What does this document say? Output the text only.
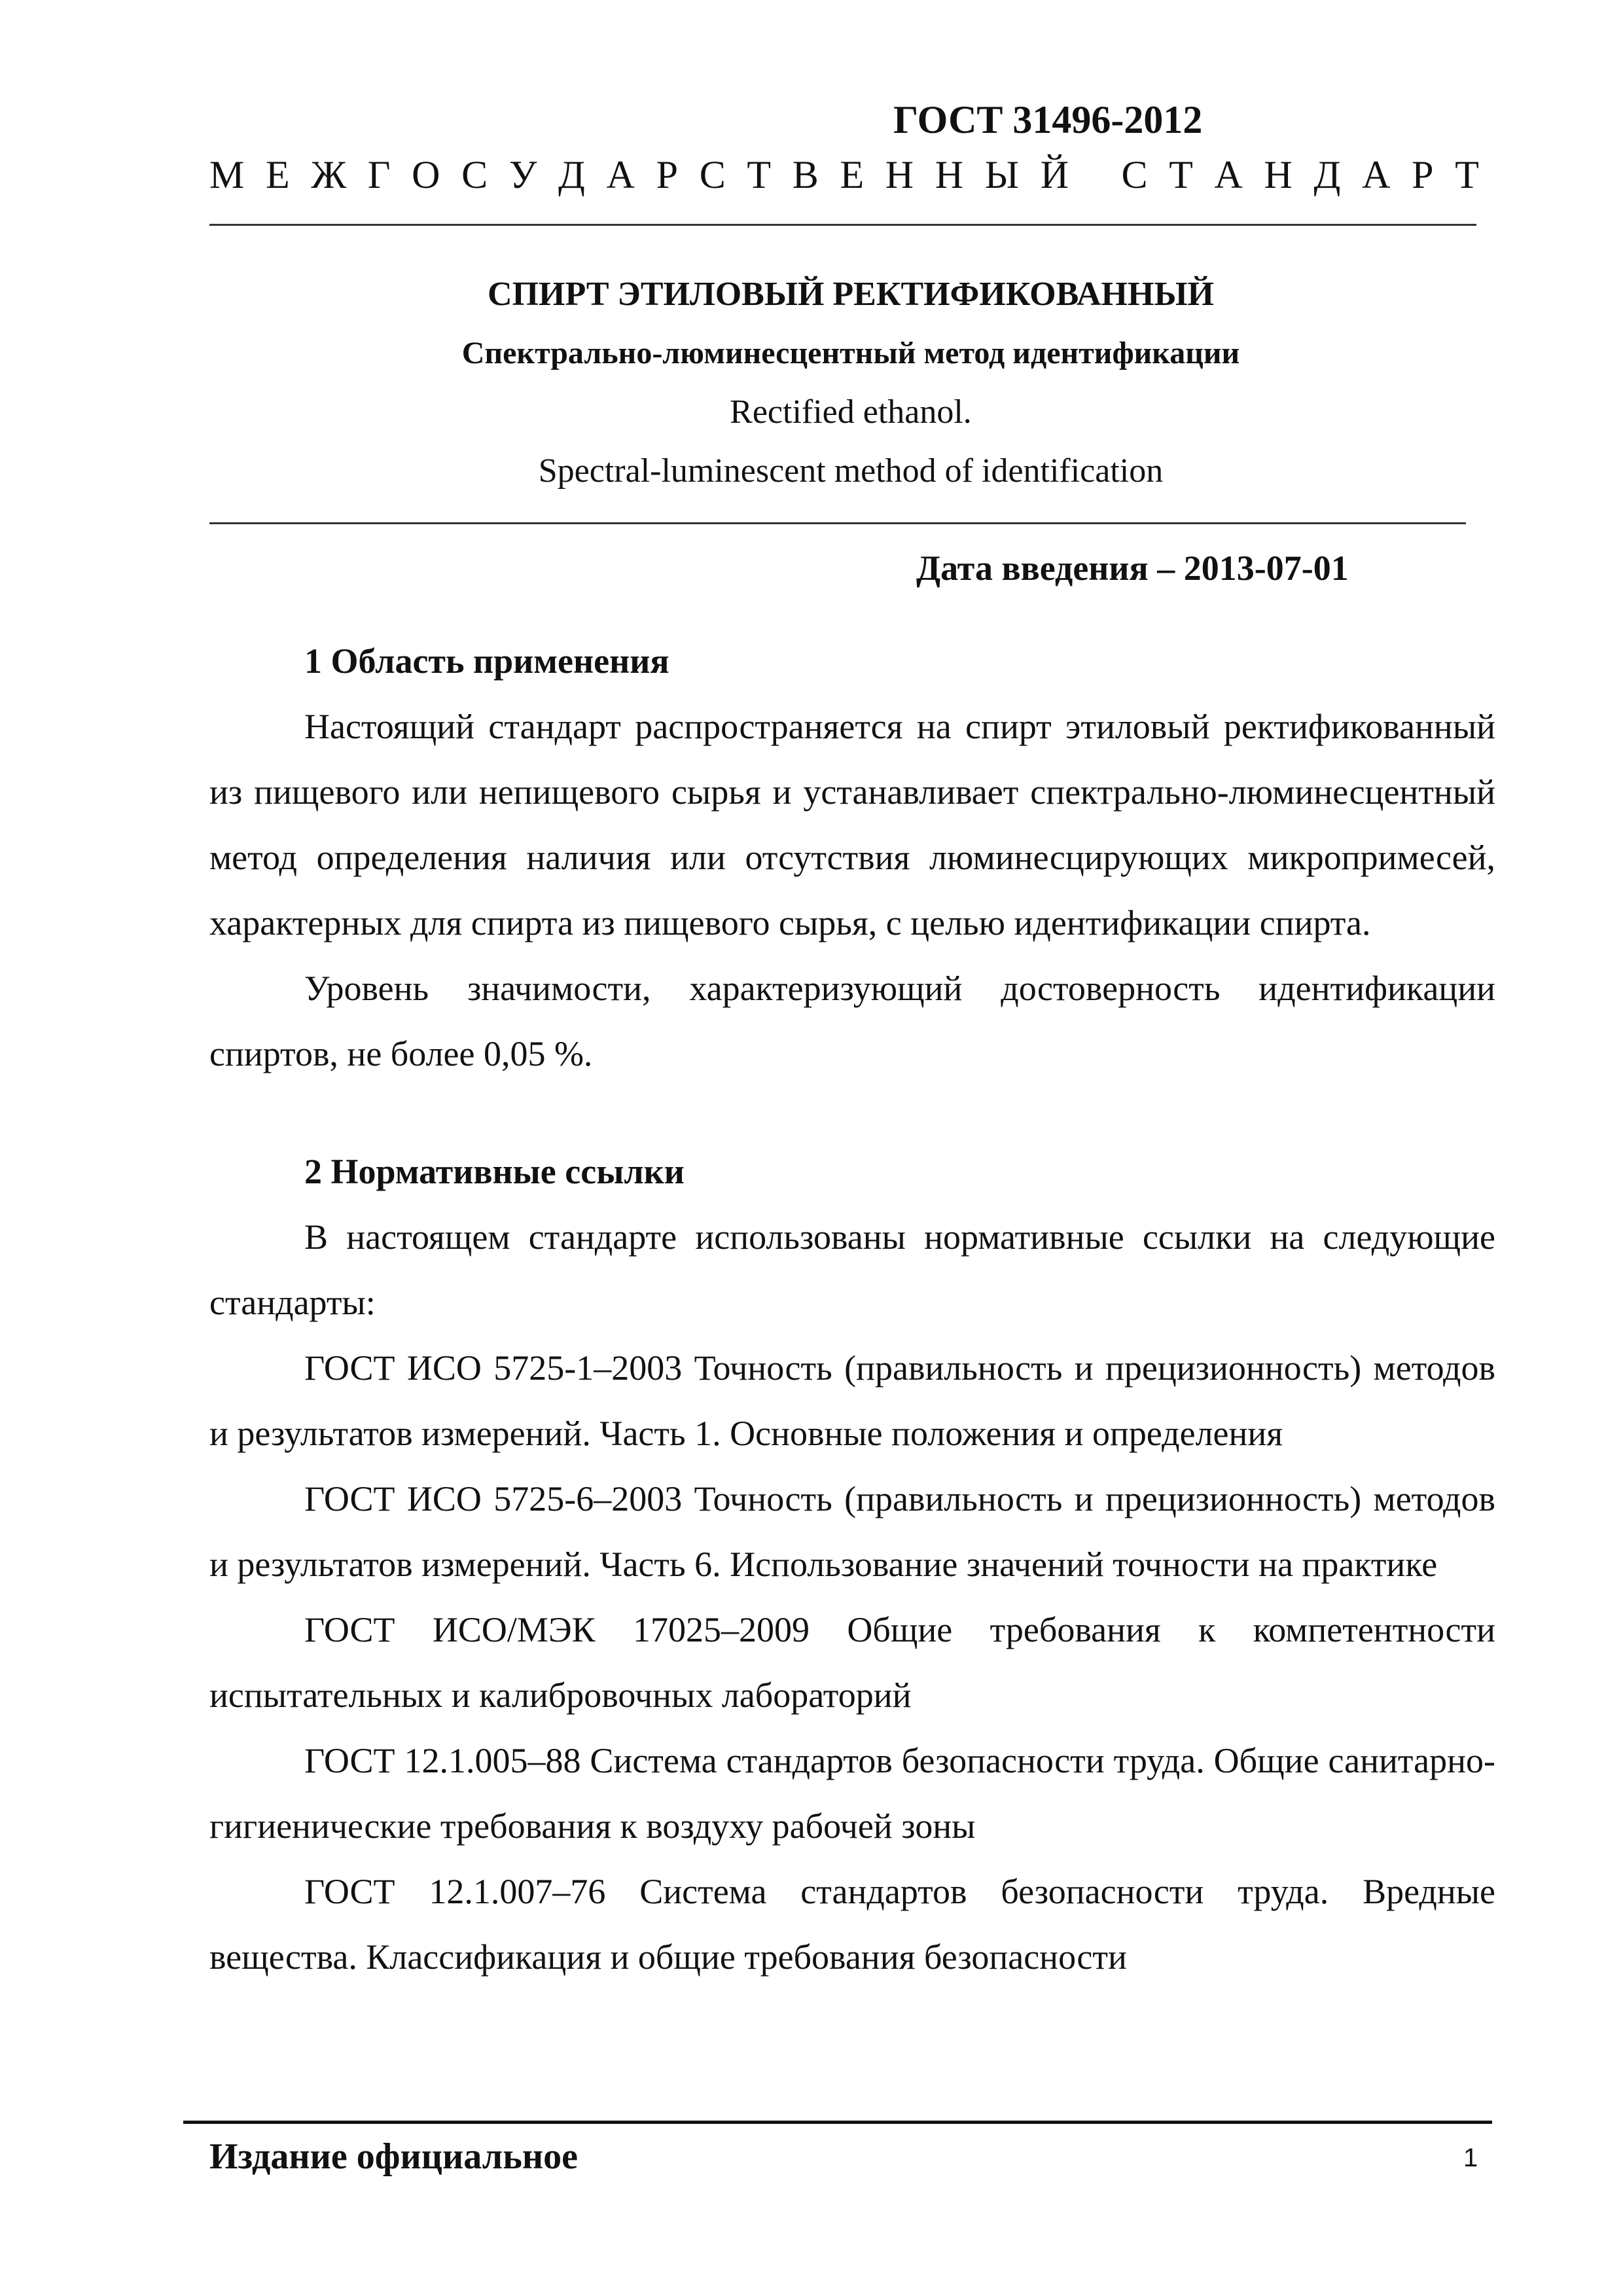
ГОСТ 31496-2012
М Е Ж Г О С У Д А Р С Т В Е Н Н Ы Й
С Т А Н Д А Р Т
СПИРТ ЭТИЛОВЫЙ РЕКТИФИКОВАННЫЙ
Спектрально-люминесцентный метод идентификации
Rectified ethanol.
Spectral-luminescent method of identification
Дата введения – 2013-07-01
1 Область применения

Настоящий стандарт распространяется на спирт этиловый ректификованный из пищевого или непищевого сырья и устанавливает спектрально-люминесцентный метод определения наличия или отсутствия люминесцирующих микропримесей, характерных для спирта из пищевого сырья, с целью идентификации спирта.

Уровень значимости, характеризующий достоверность идентификации спиртов, не более 0,05 %.

2 Нормативные ссылки

В настоящем стандарте использованы нормативные ссылки на следующие стандарты:

ГОСТ ИСО 5725-1–2003 Точность (правильность и прецизионность) методов и результатов измерений. Часть 1. Основные положения и определения

ГОСТ ИСО 5725-6–2003 Точность (правильность и прецизионность) методов и результатов измерений. Часть 6. Использование значений точности на практике

ГОСТ ИСО/МЭК 17025–2009 Общие требования к компетентности испытательных и калибровочных лабораторий

ГОСТ 12.1.005–88 Система стандартов безопасности труда. Общие санитарно-гигиенические требования к воздуху рабочей зоны

ГОСТ 12.1.007–76 Система стандартов безопасности труда. Вредные вещества. Классификация и общие требования безопасности

Издание официальное	1
